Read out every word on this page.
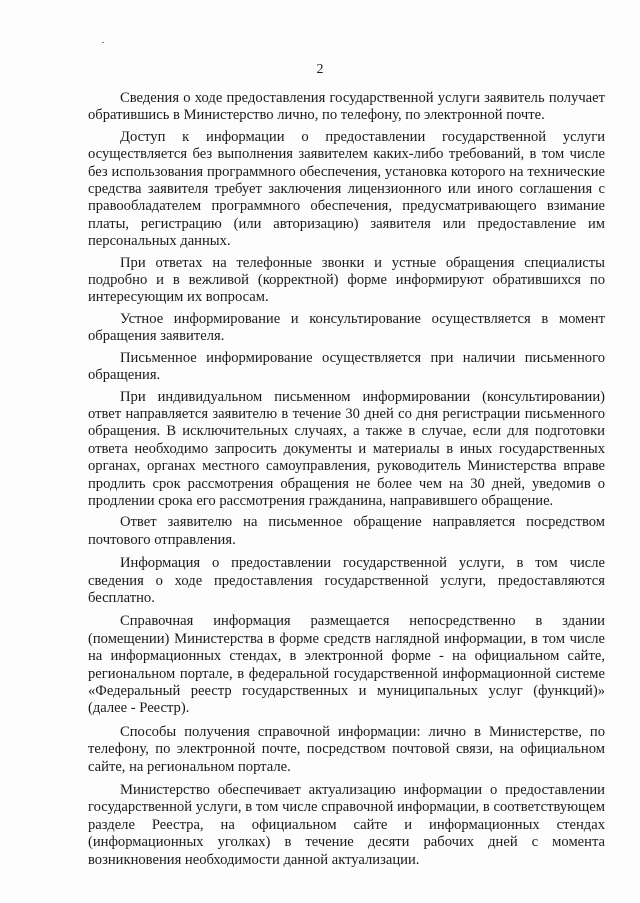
2

Сведения о ходе предоставления государственной услуги заявитель получает обратившись в Министерство лично, по телефону, по электронной почте.

Доступ к информации о предоставлении государственной услуги осуществляется без выполнения заявителем каких-либо требований, в том числе без использования программного обеспечения, установка которого на технические средства заявителя требует заключения лицензионного или иного соглашения с правообладателем программного обеспечения, предусматривающего взимание платы, регистрацию (или авторизацию) заявителя или предоставление им персональных данных.

При ответах на телефонные звонки и устные обращения специалисты подробно и в вежливой (корректной) форме информируют обратившихся по интересующим их вопросам.

Устное информирование и консультирование осуществляется в момент обращения заявителя.

Письменное информирование осуществляется при наличии письменного обращения.

При индивидуальном письменном информировании (консультировании) ответ направляется заявителю в течение 30 дней со дня регистрации письменного обращения. В исключительных случаях, а также в случае, если для подготовки ответа необходимо запросить документы и материалы в иных государственных органах, органах местного самоуправления, руководитель Министерства вправе продлить срок рассмотрения обращения не более чем на 30 дней, уведомив о продлении срока его рассмотрения гражданина, направившего обращение.

Ответ заявителю на письменное обращение направляется посредством почтового отправления.

Информация о предоставлении государственной услуги, в том числе сведения о ходе предоставления государственной услуги, предоставляются бесплатно.

Справочная информация размещается непосредственно в здании (помещении) Министерства в форме средств наглядной информации, в том числе на информационных стендах, в электронной форме - на официальном сайте, региональном портале, в федеральной государственной информационной системе «Федеральный реестр государственных и муниципальных услуг (функций)» (далее - Реестр).

Способы получения справочной информации: лично в Министерстве, по телефону, по электронной почте, посредством почтовой связи, на официальном сайте, на региональном портале.

Министерство обеспечивает актуализацию информации о предоставлении государственной услуги, в том числе справочной информации, в соответствующем разделе Реестра, на официальном сайте и информационных стендах (информационных уголках) в течение десяти рабочих дней с момента возникновения необходимости данной актуализации.
